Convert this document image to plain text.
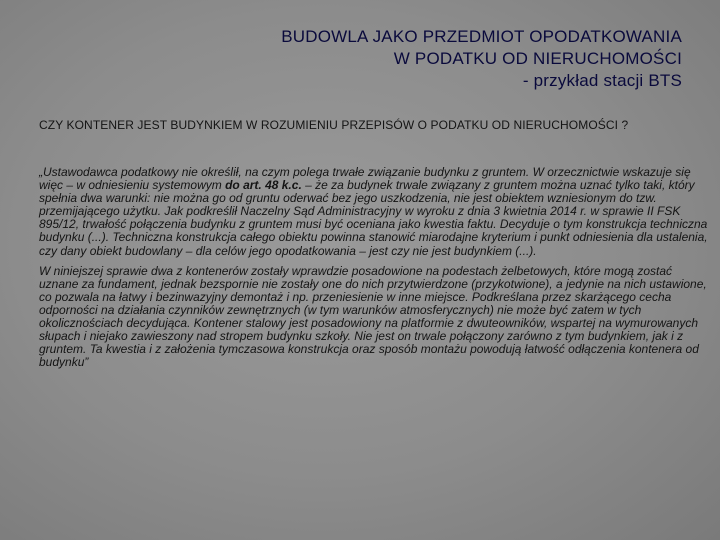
BUDOWLA JAKO PRZEDMIOT OPODATKOWANIA
W PODATKU OD NIERUCHOMOŚCI
- przykład stacji BTS
CZY KONTENER JEST BUDYNKIEM W ROZUMIENIU PRZEPISÓW O PODATKU OD NIERUCHOMOŚCI ?
„Ustawodawca podatkowy nie określił, na czym polega trwałe związanie budynku z gruntem. W orzecznictwie wskazuje się więc – w odniesieniu systemowym do art. 48 k.c. – że za budynek trwale związany z gruntem można uznać tylko taki, który spełnia dwa warunki: nie można go od gruntu oderwać bez jego uszkodzenia, nie jest obiektem wzniesionym do tzw. przemijającego użytku. Jak podkreślił Naczelny Sąd Administracyjny w wyroku z dnia 3 kwietnia 2014 r. w sprawie II FSK 895/12, trwałość połączenia budynku z gruntem musi być oceniana jako kwestia faktu. Decyduje o tym konstrukcja techniczna budynku (...). Techniczna konstrukcja całego obiektu powinna stanowić miarodajne kryterium i punkt odniesienia dla ustalenia, czy dany obiekt budowlany – dla celów jego opodatkowania – jest czy nie jest budynkiem (...).
W niniejszej sprawie dwa z kontenerów zostały wprawdzie posadowione na podestach żelbetowych, które mogą zostać uznane za fundament, jednak bezspornie nie zostały one do nich przytwierdzone (przykotwione), a jedynie na nich ustawione, co pozwala na łatwy i bezinwazyjny demontaż i np. przeniesienie w inne miejsce. Podkreślana przez skarżącego cecha odporności na działania czynników zewnętrznych (w tym warunków atmosferycznych) nie może być zatem w tych okolicznościach decydująca. Kontener stalowy jest posadowiony na platformie z dwuteowników, wspartej na wymurowanych słupach i niejako zawieszony nad stropem budynku szkoły. Nie jest on trwale połączony zarówno z tym budynkiem, jak i z gruntem. Ta kwestia i z założenia tymczasowa konstrukcja oraz sposób montażu powodują łatwość odłączenia kontenera od budynku”
